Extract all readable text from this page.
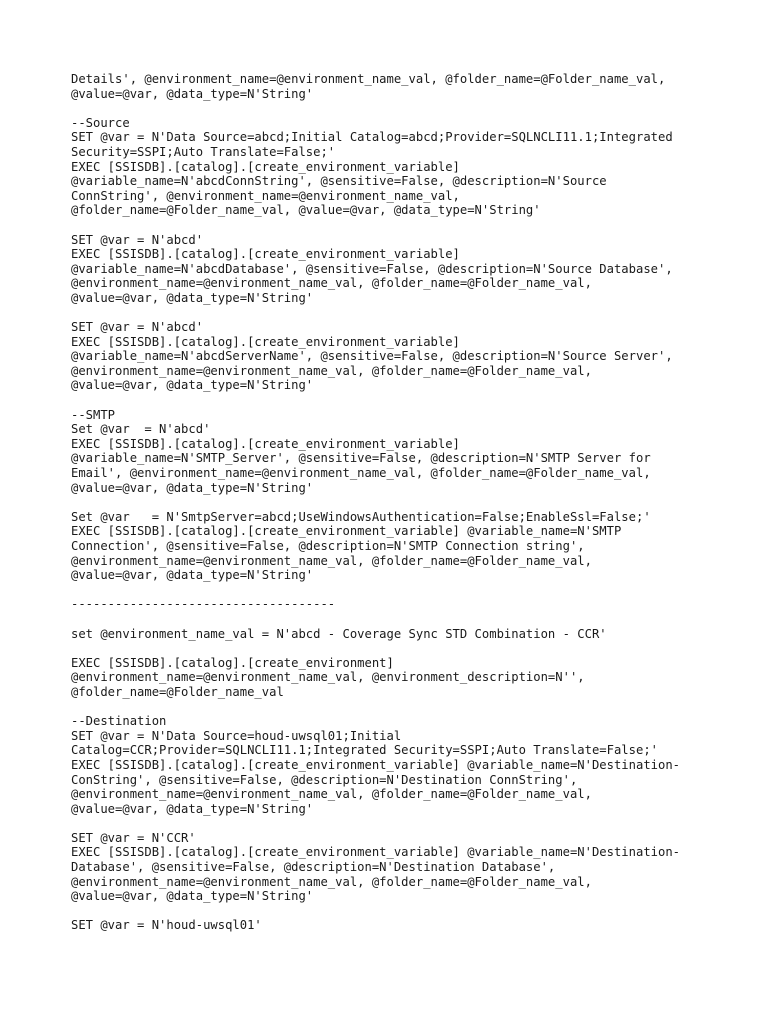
Details', @environment_name=@environment_name_val, @folder_name=@Folder_name_val,
@value=@var, @data_type=N'String'
--Source
SET @var = N'Data Source=abcd;Initial Catalog=abcd;Provider=SQLNCLI11.1;Integrated
Security=SSPI;Auto Translate=False;'
EXEC [SSISDB].[catalog].[create_environment_variable]
@variable_name=N'abcdConnString', @sensitive=False, @description=N'Source
ConnString', @environment_name=@environment_name_val,
@folder_name=@Folder_name_val, @value=@var, @data_type=N'String'
SET @var = N'abcd'
EXEC [SSISDB].[catalog].[create_environment_variable]
@variable_name=N'abcdDatabase', @sensitive=False, @description=N'Source Database',
@environment_name=@environment_name_val, @folder_name=@Folder_name_val,
@value=@var, @data_type=N'String'
SET @var = N'abcd'
EXEC [SSISDB].[catalog].[create_environment_variable]
@variable_name=N'abcdServerName', @sensitive=False, @description=N'Source Server',
@environment_name=@environment_name_val, @folder_name=@Folder_name_val,
@value=@var, @data_type=N'String'
--SMTP
Set @var  = N'abcd'
EXEC [SSISDB].[catalog].[create_environment_variable]
@variable_name=N'SMTP_Server', @sensitive=False, @description=N'SMTP Server for
Email', @environment_name=@environment_name_val, @folder_name=@Folder_name_val,
@value=@var, @data_type=N'String'
Set @var   = N'SmtpServer=abcd;UseWindowsAuthentication=False;EnableSsl=False;'
EXEC [SSISDB].[catalog].[create_environment_variable] @variable_name=N'SMTP
Connection', @sensitive=False, @description=N'SMTP Connection string',
@environment_name=@environment_name_val, @folder_name=@Folder_name_val,
@value=@var, @data_type=N'String'
------------------------------------
set @environment_name_val = N'abcd - Coverage Sync STD Combination - CCR'
EXEC [SSISDB].[catalog].[create_environment]
@environment_name=@environment_name_val, @environment_description=N'',
@folder_name=@Folder_name_val
--Destination
SET @var = N'Data Source=houd-uwsql01;Initial
Catalog=CCR;Provider=SQLNCLI11.1;Integrated Security=SSPI;Auto Translate=False;'
EXEC [SSISDB].[catalog].[create_environment_variable] @variable_name=N'Destination-
ConString', @sensitive=False, @description=N'Destination ConnString',
@environment_name=@environment_name_val, @folder_name=@Folder_name_val,
@value=@var, @data_type=N'String'
SET @var = N'CCR'
EXEC [SSISDB].[catalog].[create_environment_variable] @variable_name=N'Destination-
Database', @sensitive=False, @description=N'Destination Database',
@environment_name=@environment_name_val, @folder_name=@Folder_name_val,
@value=@var, @data_type=N'String'
SET @var = N'houd-uwsql01'
